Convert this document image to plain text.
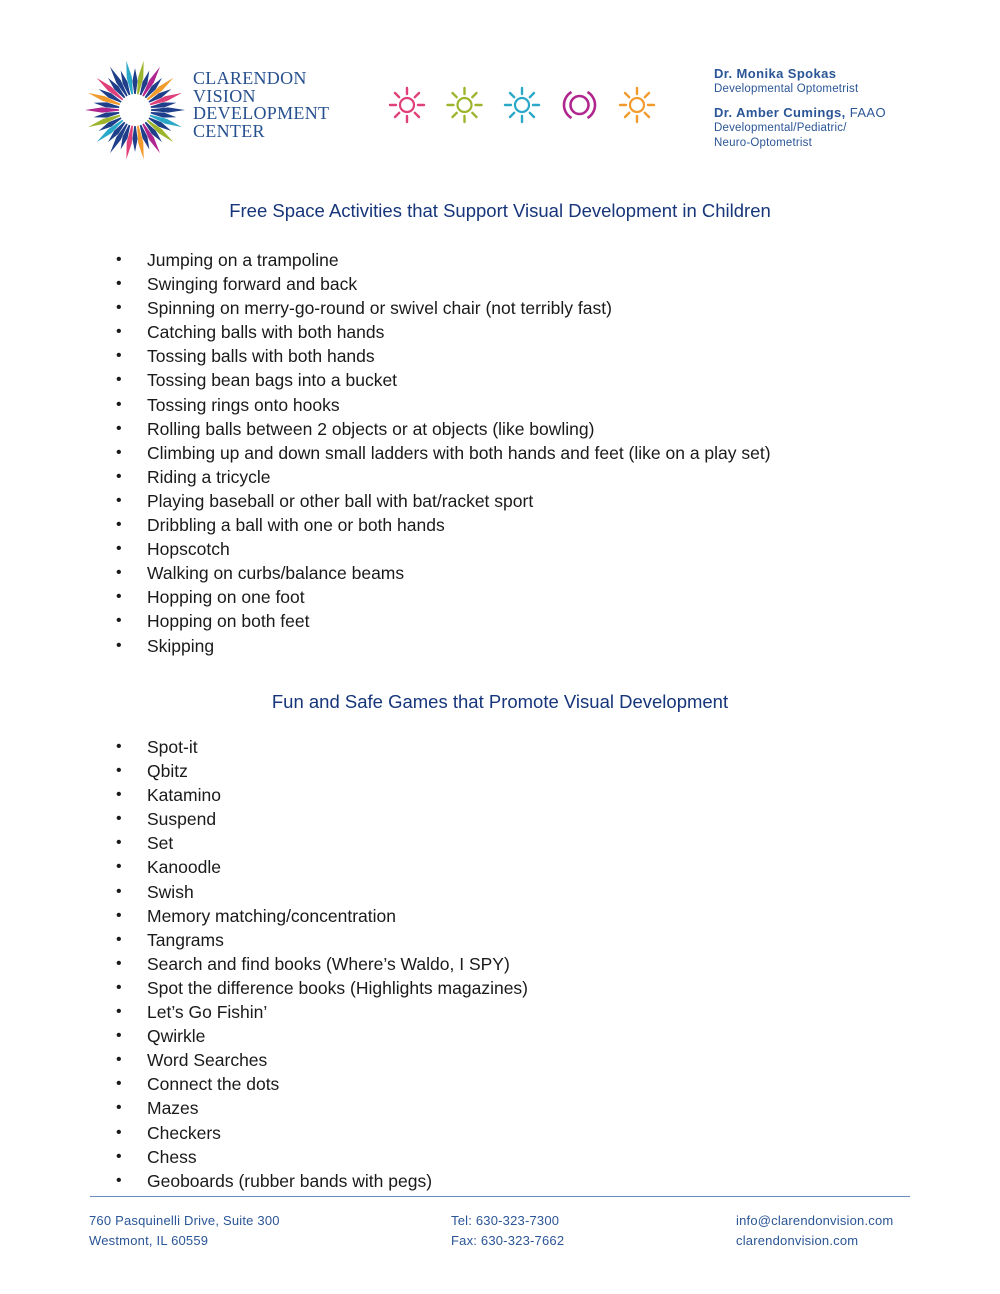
CLARENDON
VISION
DEVELOPMENT
CENTER
Dr. Monika Spokas
Developmental Optometrist
Dr. Amber Cumings, FAAO
Developmental/Pediatric/
Neuro-Optometrist
Free Space Activities that Support Visual Development in Children
• Jumping on a trampoline
• Swinging forward and back
• Spinning on merry-go-round or swivel chair (not terribly fast)
• Catching balls with both hands
• Tossing balls with both hands
• Tossing bean bags into a bucket
• Tossing rings onto hooks
• Rolling balls between 2 objects or at objects (like bowling)
• Climbing up and down small ladders with both hands and feet (like on a play set)
• Riding a tricycle
• Playing baseball or other ball with bat/racket sport
• Dribbling a ball with one or both hands
• Hopscotch
• Walking on curbs/balance beams
• Hopping on one foot
• Hopping on both feet
• Skipping
Fun and Safe Games that Promote Visual Development
• Spot-it
• Qbitz
• Katamino
• Suspend
• Set
• Kanoodle
• Swish
• Memory matching/concentration
• Tangrams
• Search and find books (Where’s Waldo, I SPY)
• Spot the difference books (Highlights magazines)
• Let’s Go Fishin’
• Qwirkle
• Word Searches
• Connect the dots
• Mazes
• Checkers
• Chess
• Geoboards (rubber bands with pegs)
760 Pasquinelli Drive, Suite 300
Westmont, IL 60559
Tel: 630-323-7300
Fax: 630-323-7662
info@clarendonvision.com
clarendonvision.com
